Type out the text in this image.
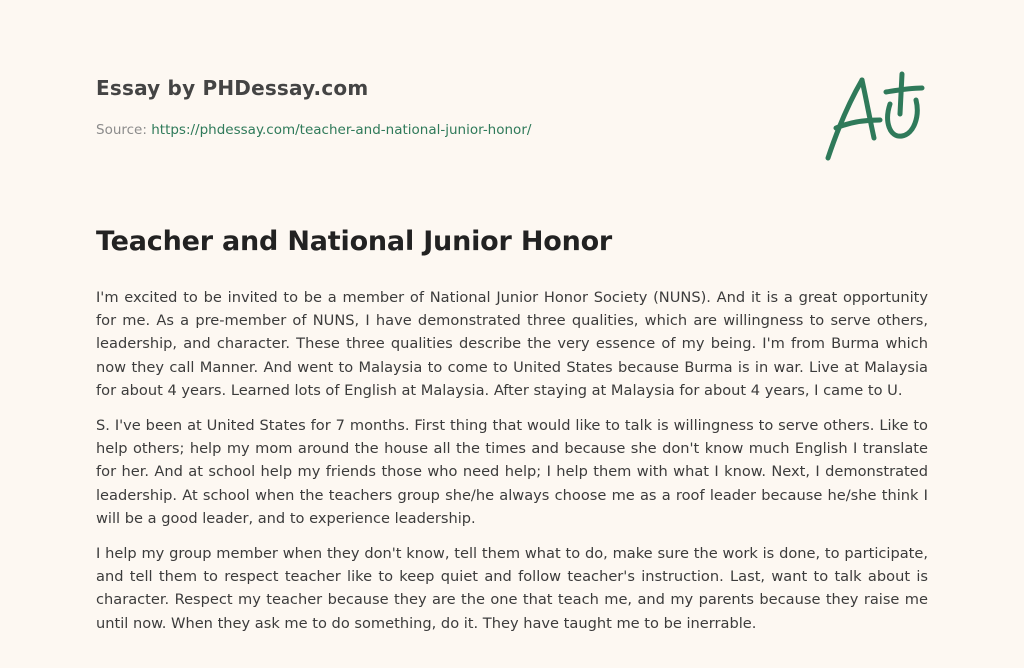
Essay by PHDessay.com
Source: https://phdessay.com/teacher-and-national-junior-honor/
Teacher and National Junior Honor

I'm excited to be invited to be a member of National Junior Honor Society (NUNS). And it is a great opportunity for me. As a pre-member of NUNS, I have demonstrated three qualities, which are willingness to serve others, leadership, and character. These three qualities describe the very essence of my being. I'm from Burma which now they call Manner. And went to Malaysia to come to United States because Burma is in war. Live at Malaysia for about 4 years. Learned lots of English at Malaysia. After staying at Malaysia for about 4 years, I came to U.

S. I've been at United States for 7 months. First thing that would like to talk is willingness to serve others. Like to help others; help my mom around the house all the times and because she don't know much English I translate for her. And at school help my friends those who need help; I help them with what I know. Next, I demonstrated leadership. At school when the teachers group she/he always choose me as a roof leader because he/she think I will be a good leader, and to experience leadership.

I help my group member when they don't know, tell them what to do, make sure the work is done, to participate, and tell them to respect teacher like to keep quiet and follow teacher's instruction. Last, want to talk about is character. Respect my teacher because they are the one that teach me, and my parents because they raise me until now. When they ask me to do something, do it. They have taught me to be inerrable.
